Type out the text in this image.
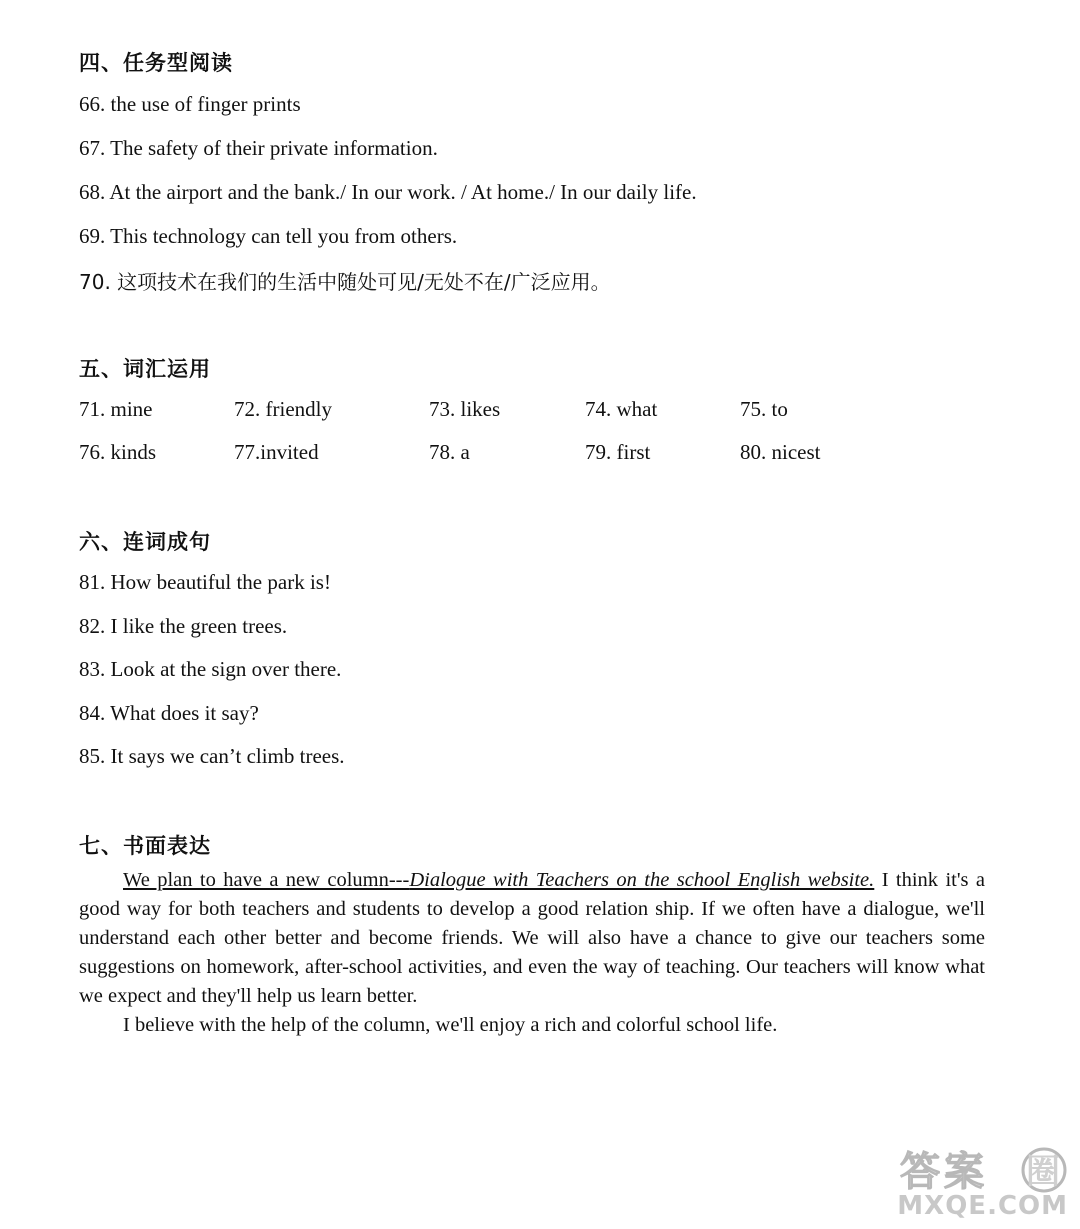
四、任务型阅读
66. the use of finger prints
67. The safety of their private information.
68. At the airport and the bank./ In our work. / At home./ In our daily life.
69. This technology can tell you from others.
70. 这项技术在我们的生活中随处可见/无处不在/广泛应用。
五、词汇运用
71. mine	72. friendly	73. likes	74. what	75. to
76. kinds	77.invited	78. a	79. first	80. nicest
六、连词成句
81. How beautiful the park is!
82. I like the green trees.
83. Look at the sign over there.
84. What does it say?
85. It says we can’t climb trees.
七、书面表达

We plan to have a new column---Dialogue with Teachers on the school English website. I think it's a good way for both teachers and students to develop a good relation ship. If we often have a dialogue, we'll understand each other better and become friends. We will also have a chance to give our teachers some suggestions on homework, after-school activities, and even the way of teaching. Our teachers will know what we expect and they'll help us learn better.

I believe with the help of the column, we'll enjoy a rich and colorful school life.

答案 圈
MXQE.COM
